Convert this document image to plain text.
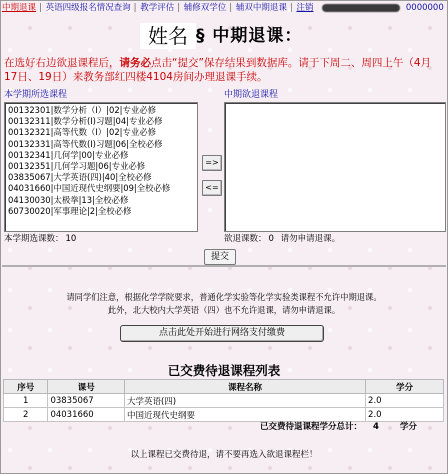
中期退课 | 英语四级报名情况查询 | 教学评估 | 辅修双学位 | 辅双中期退课 | 注销	0000000
姓名 § 中期退课：
在选好右边欲退课程后，请务必点击“提交”保存结果到数据库。请于下周二、周四上午（4月17日、19日）来教务部红四楼4104房间办理退课手续。
本学期所选课程
00132301|数学分析（I）|02|专业必修
00132311|数学分析(I)习题|04|专业必修
00132321|高等代数（I）|02|专业必修
00132331|高等代数(I)习题|06|全校必修
00132341|几何学|00|专业必修
00132351|几何学习题|06|专业必修
03835067|大学英语(四)|40|全校必修
04031660|中国近现代史纲要|09|全校必修
04130030|太极拳|13|全校必修
60730020|军事理论|2|全校必修
本学期选课数： 10
=>
<=
中期欲退课程
欲退课数： 0 请勿申请退课。
提交
请同学们注意，根据化学学院要求，普通化学实验等化学实验类课程不允许中期退课。
此外，北大校内大学英语（四）也不允许退课，请勿申请退课。
点击此处开始进行网络支付缴费
已交费待退课程列表
序号	课号	课程名称	学分
1	03835067	大学英语(四)	2.0
2	04031660	中国近现代史纲要	2.0
已交费待退课程学分总计： 4 学分
以上课程已交费待退，请不要再选入欲退课程栏！
